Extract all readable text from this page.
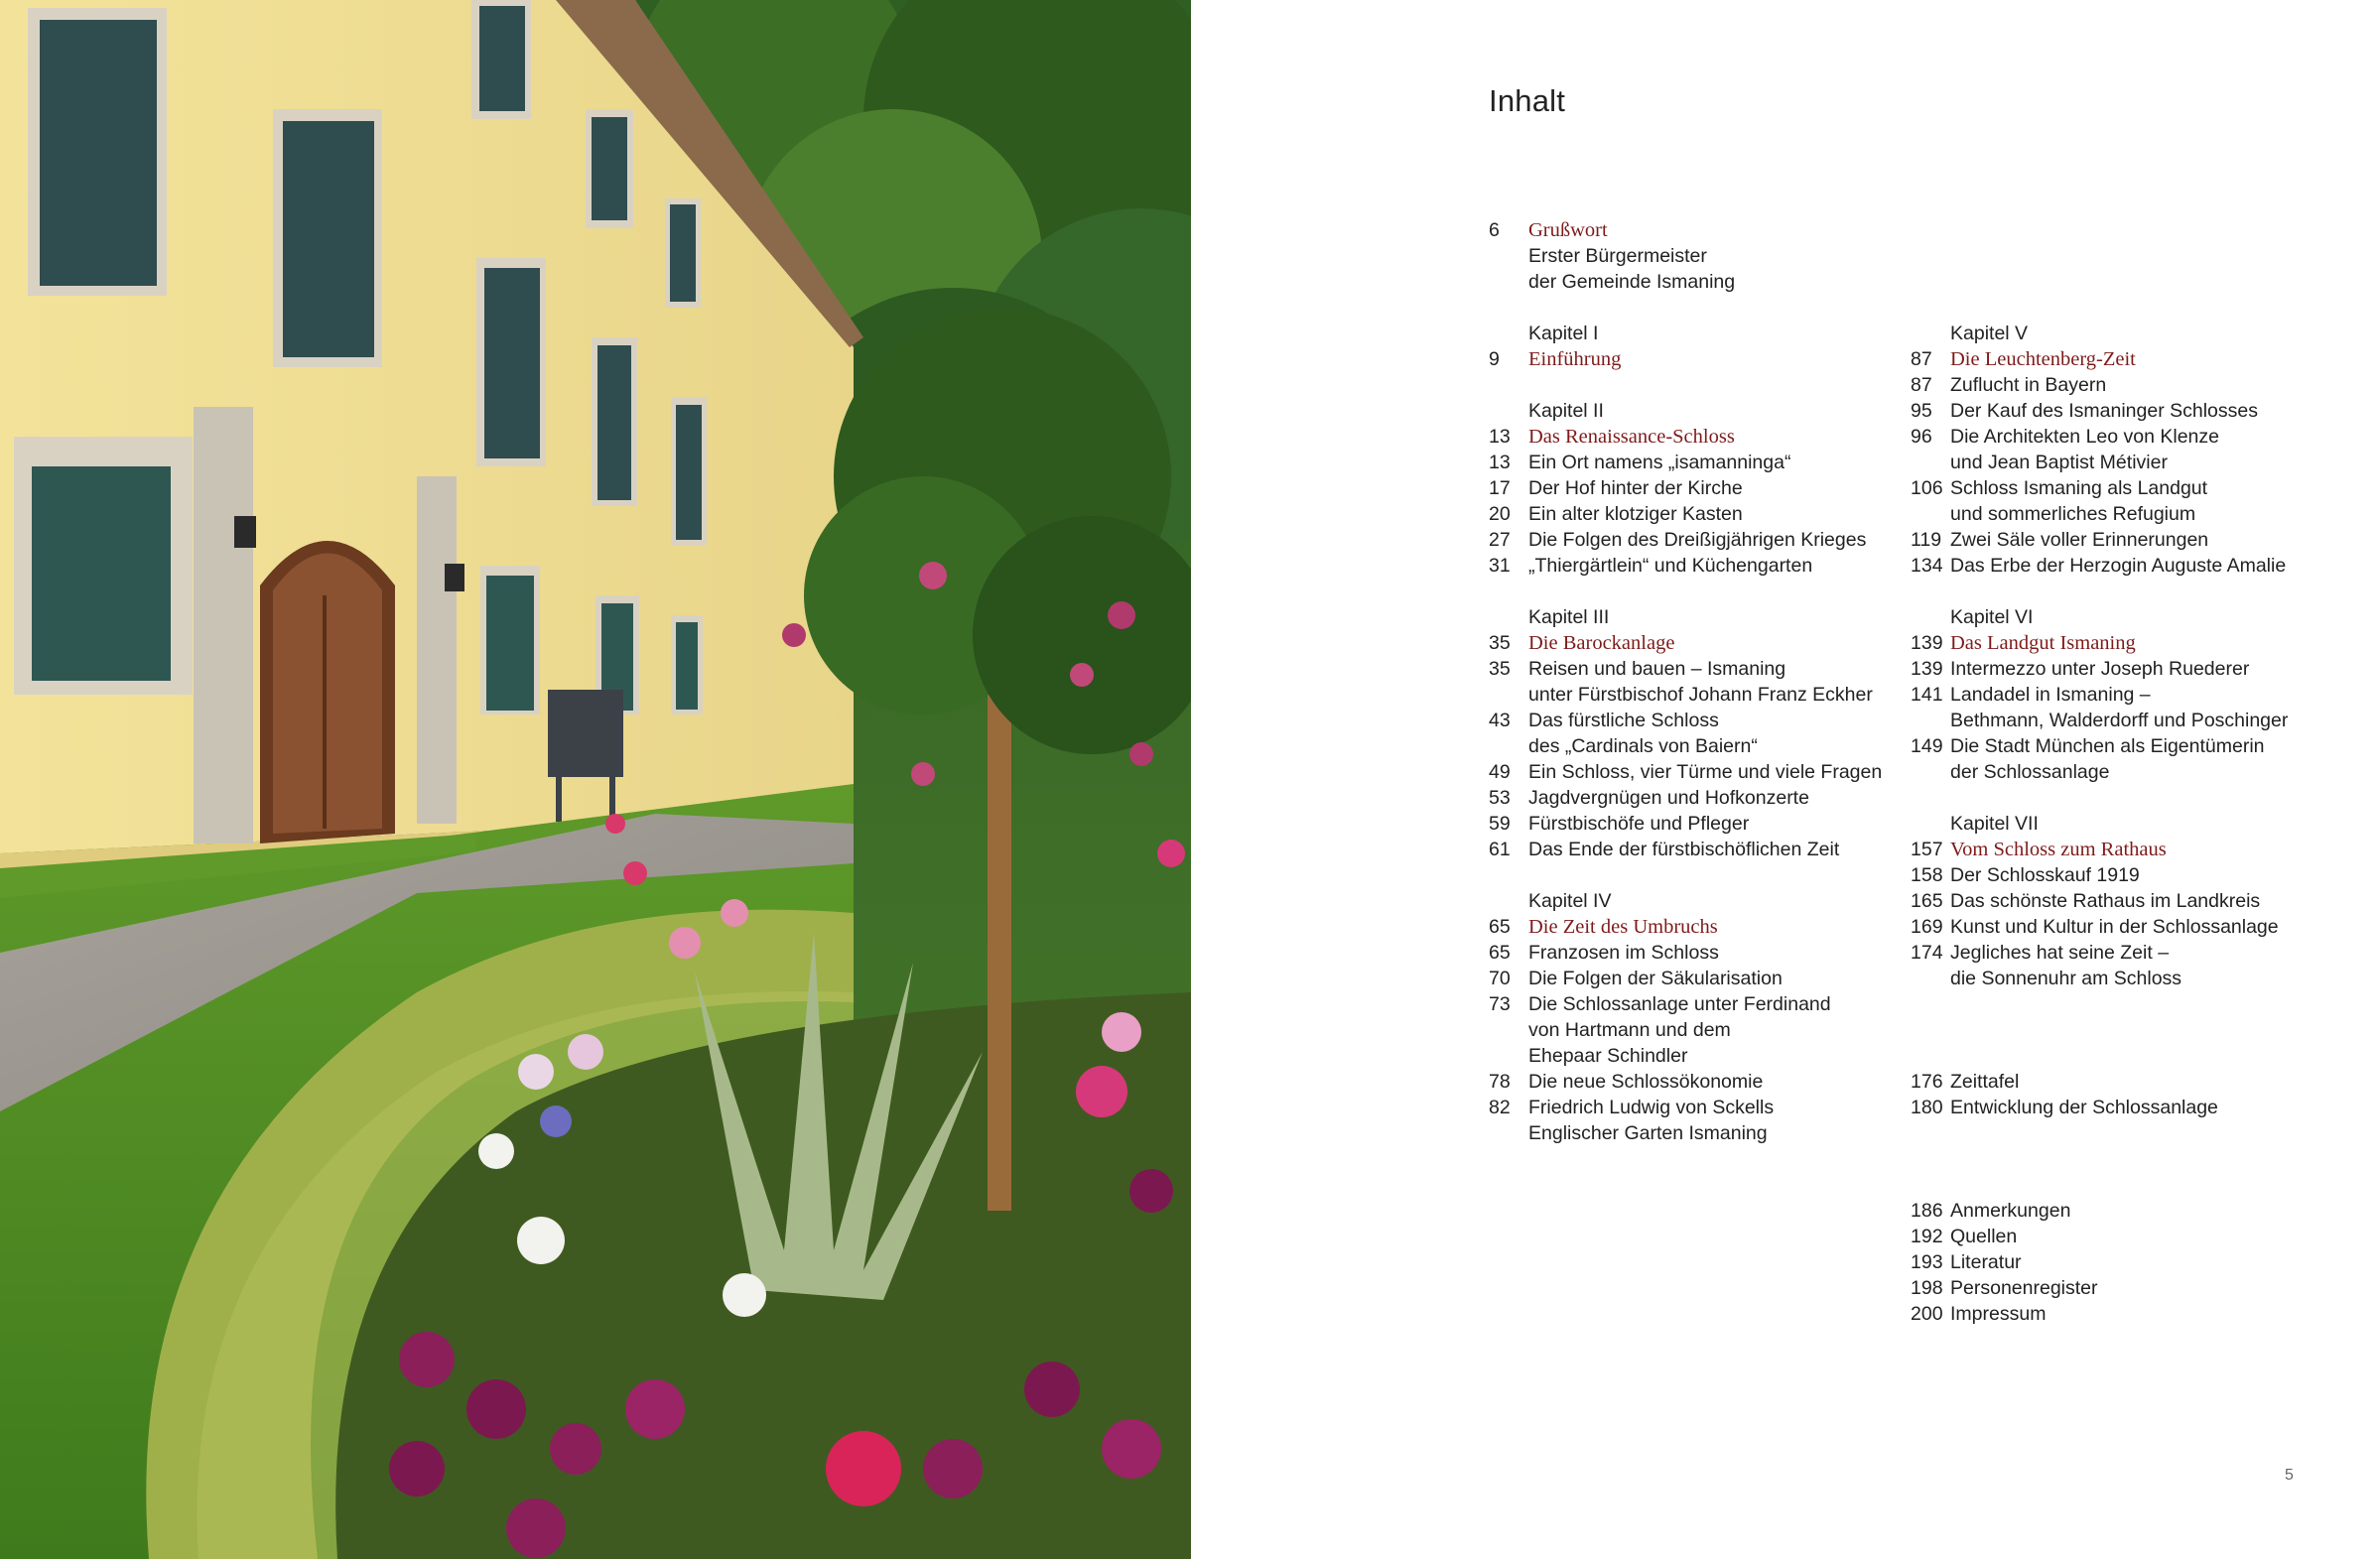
Inhalt
6	Grußwort
Erster Bürgermeister
der Gemeinde Ismaning
Kapitel I
9	Einführung
Kapitel II
13 Das Renaissance-Schloss
13 Ein Ort namens „isamanninga“
17 Der Hof hinter der Kirche
20 Ein alter klotziger Kasten
27 Die Folgen des Dreißigjährigen Krieges
31 „Thiergärtlein“ und Küchengarten
Kapitel III
35 Die Barockanlage
35 Reisen und bauen – Ismaning
unter Fürstbischof Johann Franz Eckher
43 Das fürstliche Schloss
des „Cardinals von Baiern“
49 Ein Schloss, vier Türme und viele Fragen
53 Jagdvergnügen und Hofkonzerte
59 Fürstbischöfe und Pfleger
61 Das Ende der fürstbischöflichen Zeit
Kapitel IV
65 Die Zeit des Umbruchs
65 Franzosen im Schloss
70 Die Folgen der Säkularisation
73 Die Schlossanlage unter Ferdinand
von Hartmann und dem
Ehepaar Schindler
78 Die neue Schlossökonomie
82 Friedrich Ludwig von Sckells
Englischer Garten Ismaning
Kapitel V
87 Die Leuchtenberg-Zeit
87 Zuflucht in Bayern
95 Der Kauf des Ismaninger Schlosses
96 Die Architekten Leo von Klenze
und Jean Baptist Métivier
106 Schloss Ismaning als Landgut
und sommerliches Refugium
119 Zwei Säle voller Erinnerungen
134 Das Erbe der Herzogin Auguste Amalie
Kapitel VI
139 Das Landgut Ismaning
139 Intermezzo unter Joseph Ruederer
141 Landadel in Ismaning –
Bethmann, Walderdorff und Poschinger
149 Die Stadt München als Eigentümerin
der Schlossanlage
Kapitel VII
157 Vom Schloss zum Rathaus
158 Der Schlosskauf 1919
165 Das schönste Rathaus im Landkreis
169 Kunst und Kultur in der Schlossanlage
174 Jegliches hat seine Zeit –
die Sonnenuhr am Schloss
176 Zeittafel
180 Entwicklung der Schlossanlage
186 Anmerkungen
192 Quellen
193 Literatur
198 Personenregister
200 Impressum
5
